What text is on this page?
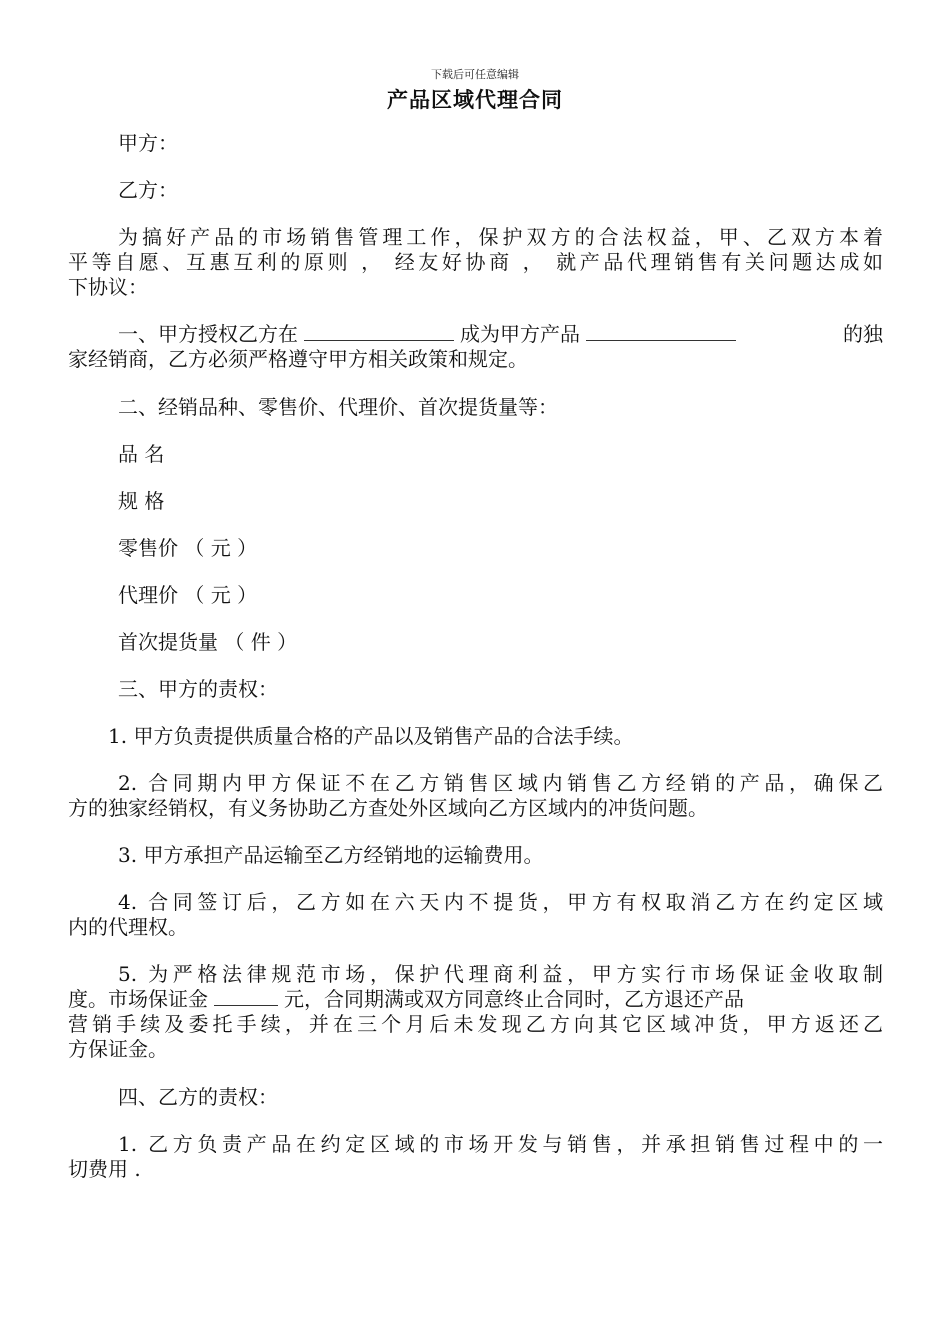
下载后可任意编辑
产品区域代理合同
甲方：
乙方：
为搞好产品的市场销售管理工作，保护双方的合法权益，甲、乙双方本着
平等自愿、互惠互利的原则 ， 经友好协商 ， 就产品代理销售有关问题达成如
下协议：
一、甲方授权乙方在	成为甲方产品	的独
家经销商，乙方必须严格遵守甲方相关政策和规定。
二、经销品种、零售价、代理价、首次提货量等：
品 名
规 格
零售价 （ 元 ）
代理价 （ 元 ）
首次提货量 （ 件 ）
三、甲方的责权：
1. 甲方负责提供质量合格的产品以及销售产品的合法手续。
2. 合同期内甲方保证不在乙方销售区域内销售乙方经销的产品，确保乙
方的独家经销权，有义务协助乙方查处外区域向乙方区域内的冲货问题。
3. 甲方承担产品运输至乙方经销地的运输费用。
4. 合同签订后，乙方如在六天内不提货，甲方有权取消乙方在约定区域
内的代理权。
5. 为严格法律规范市场，保护代理商利益，甲方实行市场保证金收取制
度。市场保证金	元，合同期满或双方同意终止合同时，乙方退还产品
营销手续及委托手续，并在三个月后未发现乙方向其它区域冲货，甲方返还乙
方保证金。
四、乙方的责权：
1. 乙方负责产品在约定区域的市场开发与销售，并承担销售过程中的一
切费用 .
